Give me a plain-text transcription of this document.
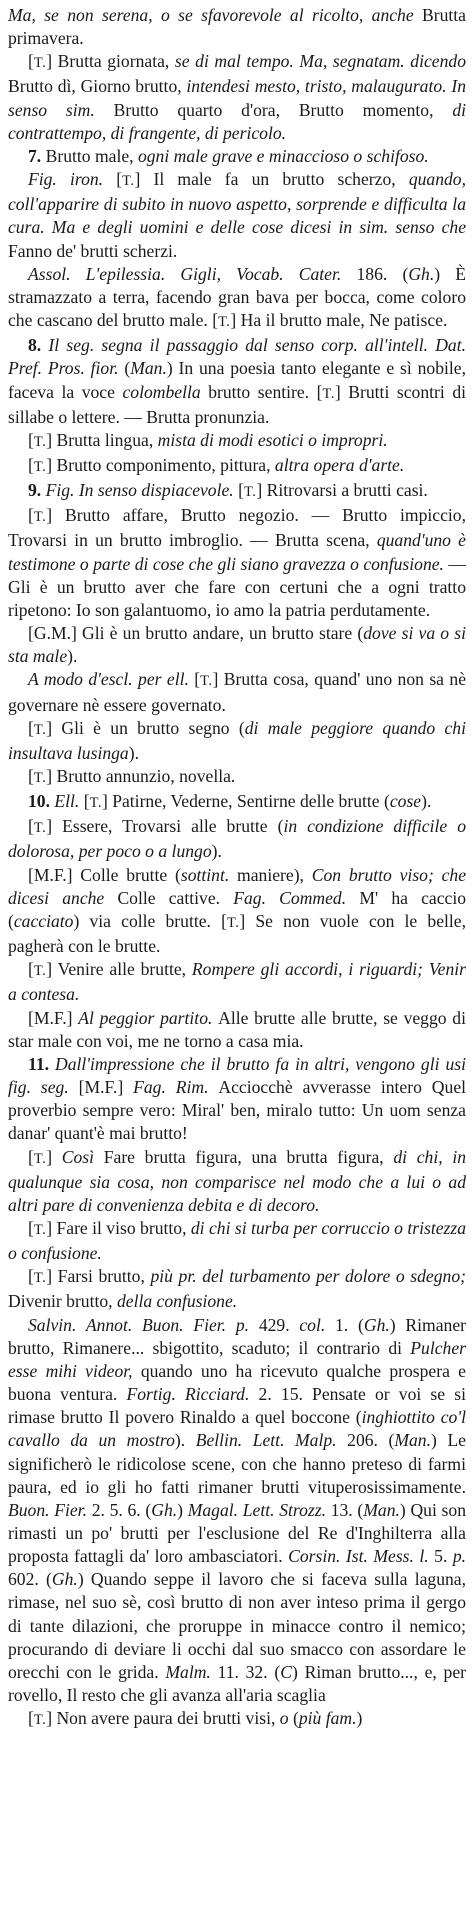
Ma, se non serena, o se sfavorevole al ricolto, anche Brutta primavera.

[T.] Brutta giornata, se di mal tempo. Ma, segnatam. dicendo Brutto dì, Giorno brutto, intendesi mesto, tristo, malaugurato. In senso sim. Brutto quarto d'ora, Brutto momento, di contrattempo, di frangente, di pericolo.

7. Brutto male, ogni male grave e minaccioso o schifoso.

Fig. iron. [T.] Il male fa un brutto scherzo, quando, coll'apparire di subito in nuovo aspetto, sorprende e difficulta la cura. Ma e degli uomini e delle cose dicesi in sim. senso che Fanno de' brutti scherzi.

Assol. L'epilessia. Gigli, Vocab. Cater. 186. (Gh.) È stramazzato a terra, facendo gran bava per bocca, come coloro che cascano del brutto male. [T.] Ha il brutto male, Ne patisce.

8. Il seg. segna il passaggio dal senso corp. all'intell. Dat. Pref. Pros. fior. (Man.) In una poesia tanto elegante e sì nobile, faceva la voce colombella brutto sentire. [T.] Brutti scontri di sillabe o lettere. — Brutta pronunzia.

[T.] Brutta lingua, mista di modi esotici o impropri.

[T.] Brutto componimento, pittura, altra opera d'arte.

9. Fig. In senso dispiacevole. [T.] Ritrovarsi a brutti casi.

[T.] Brutto affare, Brutto negozio. — Brutto impiccio, Trovarsi in un brutto imbroglio. — Brutta scena, quand'uno è testimone o parte di cose che gli siano gravezza o confusione. — Gli è un brutto aver che fare con certuni che a ogni tratto ripetono: Io son galantuomo, io amo la patria perdutamente.

[G.M.] Gli è un brutto andare, un brutto stare (dove si va o si sta male).

A modo d'escl. per ell. [T.] Brutta cosa, quand' uno non sa nè governare nè essere governato.

[T.] Gli è un brutto segno (di male peggiore quando chi insultava lusinga).

[T.] Brutto annunzio, novella.

10. Ell. [T.] Patirne, Vederne, Sentirne delle brutte (cose).

[T.] Essere, Trovarsi alle brutte (in condizione difficile o dolorosa, per poco o a lungo).

[M.F.] Colle brutte (sottint. maniere), Con brutto viso; che dicesi anche Colle cattive. Fag. Commed. M' ha caccio (cacciato) via colle brutte. [T.] Se non vuole con le belle, pagherà con le brutte.

[T.] Venire alle brutte, Rompere gli accordi, i riguardi; Venir a contesa.

[M.F.] Al peggior partito. Alle brutte alle brutte, se veggo di star male con voi, me ne torno a casa mia.

11. Dall'impressione che il brutto fa in altri, vengono gli usi fig. seg. [M.F.] Fag. Rim. Acciocchè avverasse intero Quel proverbio sempre vero: Miral' ben, miralo tutto: Un uom senza danar' quant'è mai brutto!

[T.] Così Fare brutta figura, una brutta figura, di chi, in qualunque sia cosa, non comparisce nel modo che a lui o ad altri pare di convenienza debita e di decoro.

[T.] Fare il viso brutto, di chi si turba per corruccio o tristezza o confusione.

[T.] Farsi brutto, più pr. del turbamento per dolore o sdegno; Divenir brutto, della confusione.

Salvin. Annot. Buon. Fier. p. 429. col. 1. (Gh.) Rimaner brutto, Rimanere... sbigottito, scaduto; il contrario di Pulcher esse mihi videor, quando uno ha ricevuto qualche prospera e buona ventura. Fortig. Ricciard. 2. 15. Pensate or voi se si rimase brutto Il povero Rinaldo a quel boccone (inghiottito co'l cavallo da un mostro). Bellin. Lett. Malp. 206. (Man.) Le significherò le ridicolose scene, con che hanno preteso di farmi paura, ed io gli ho fatti rimaner brutti vituperosissimamente. Buon. Fier. 2. 5. 6. (Gh.) Magal. Lett. Strozz. 13. (Man.) Qui son rimasti un po' brutti per l'esclusione del Re d'Inghilterra alla proposta fattagli da' loro ambasciatori. Corsin. Ist. Mess. l. 5. p. 602. (Gh.) Quando seppe il lavoro che si faceva sulla laguna, rimase, nel suo sè, così brutto di non aver inteso prima il gergo di tante dilazioni, che proruppe in minacce contro il nemico; procurando di deviare li occhi dal suo smacco con assordare le orecchi con le grida. Malm. 11. 32. (C) Riman brutto..., e, per rovello, Il resto che gli avanza all'aria scaglia

[T.] Non avere paura dei brutti visi, o (più fam.)
